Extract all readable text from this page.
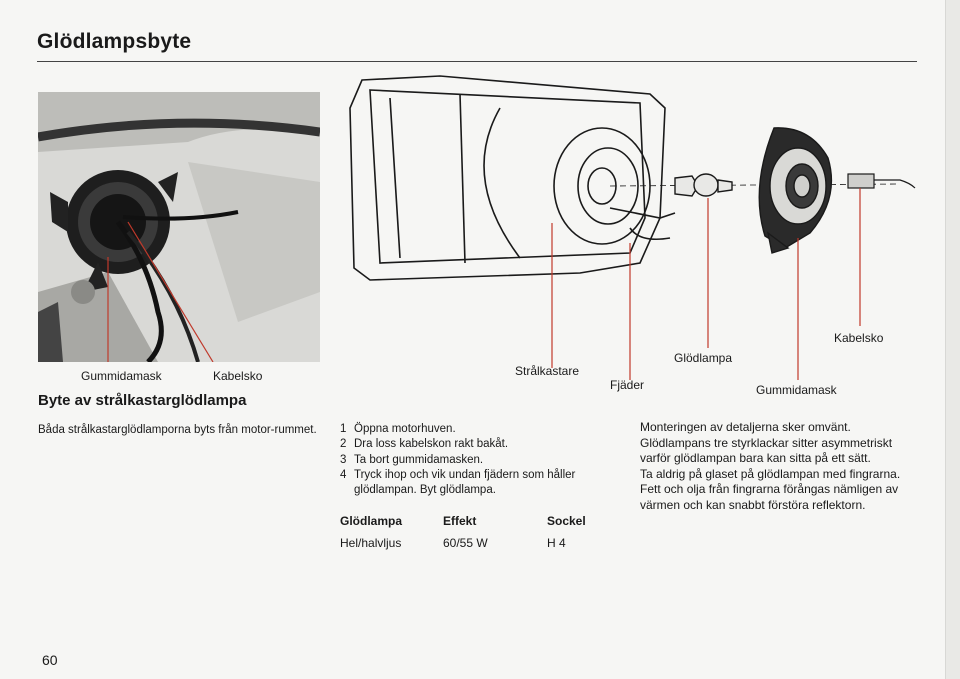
Glödlampsbyte
Gummidamask	Kabelsko
Byte av strålkastarglödlampa
Båda strålkastarglödlamporna byts från motor-rummet.
Strålkastare
Fjäder
Glödlampa
Gummidamask
Kabelsko
1 Öppna motorhuven.
2 Dra loss kabelskon rakt bakåt.
3 Ta bort gummidamasken.
4 Tryck ihop och vik undan fjädern som håller glödlampan. Byt glödlampa.
Glödlampa	Effekt	Sockel
Hel/halvljus	60/55 W	H 4

Monteringen av detaljerna sker omvänt. Glödlampans tre styrklackar sitter asymmetriskt varför glödlampan bara kan sitta på ett sätt.

Ta aldrig på glaset på glödlampan med fingrarna.

Fett och olja från fingrarna förångas nämligen av värmen och kan snabbt förstöra reflektorn.

60
